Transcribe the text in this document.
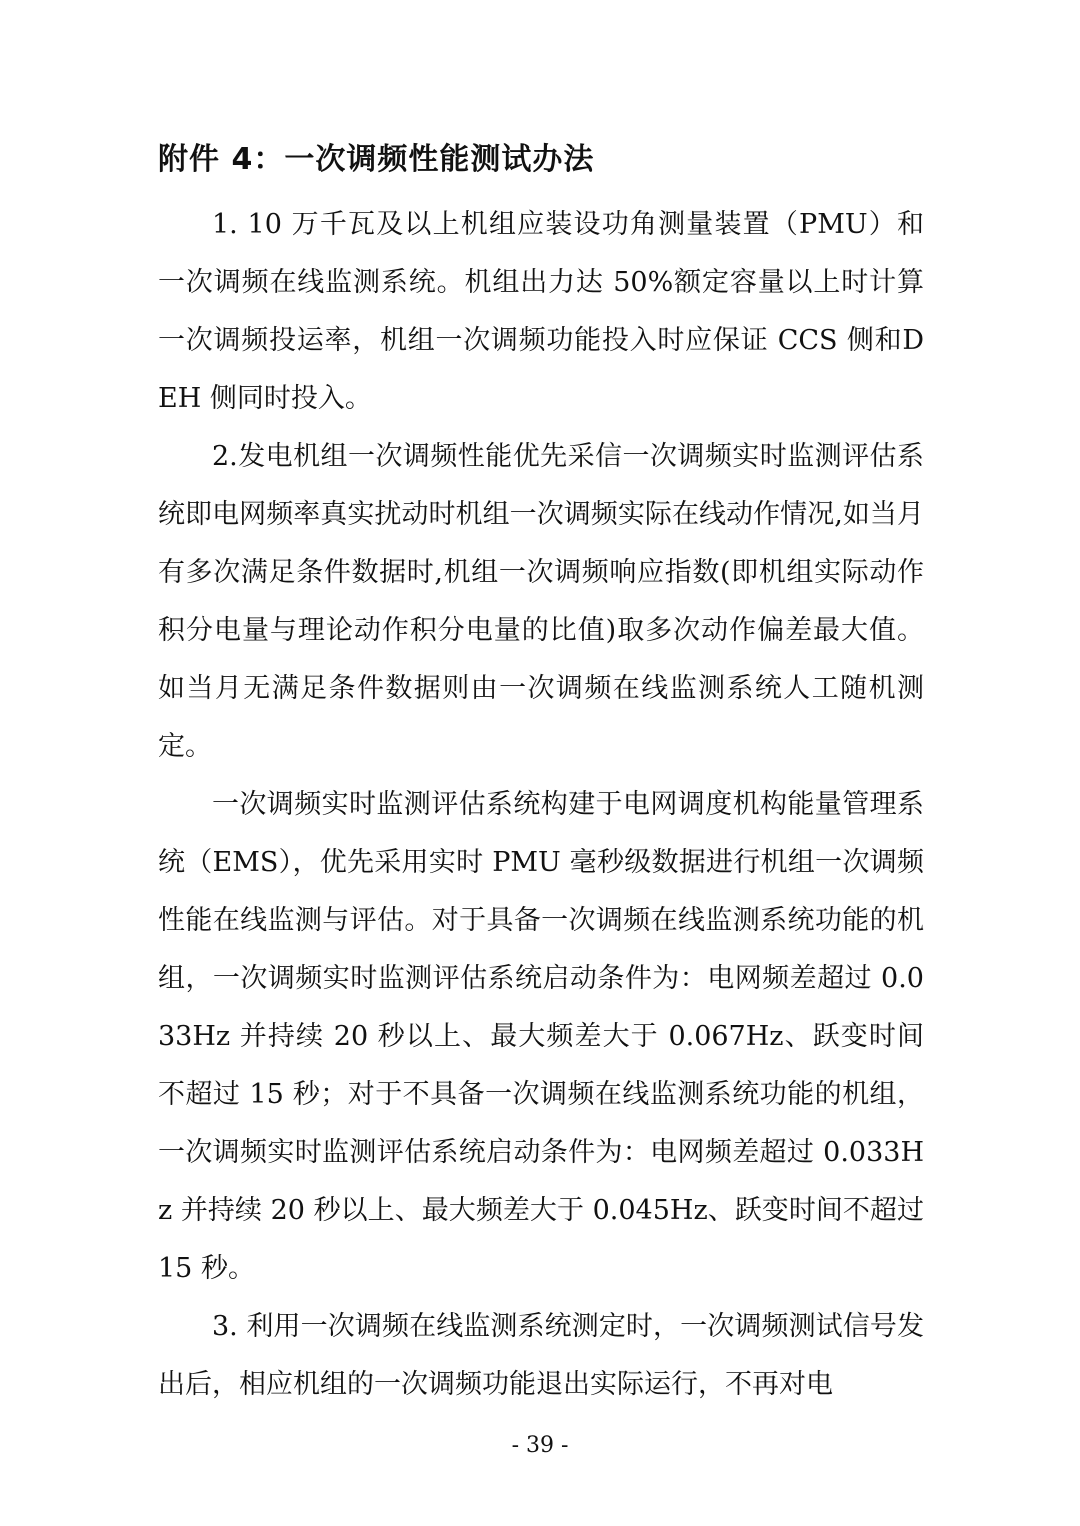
附件 4：一次调频性能测试办法

1. 10 万千瓦及以上机组应装设功角测量装置（PMU）和一次调频在线监测系统。机组出力达 50%额定容量以上时计算一次调频投运率，机组一次调频功能投入时应保证 CCS 侧和DEH 侧同时投入。

2.发电机组一次调频性能优先采信一次调频实时监测评估系统即电网频率真实扰动时机组一次调频实际在线动作情况,如当月有多次满足条件数据时,机组一次调频响应指数(即机组实际动作积分电量与理论动作积分电量的比值)取多次动作偏差最大值。如当月无满足条件数据则由一次调频在线监测系统人工随机测定。

一次调频实时监测评估系统构建于电网调度机构能量管理系统（EMS），优先采用实时 PMU 毫秒级数据进行机组一次调频性能在线监测与评估。对于具备一次调频在线监测系统功能的机组，一次调频实时监测评估系统启动条件为：电网频差超过 0.033Hz 并持续 20 秒以上、最大频差大于 0.067Hz、跃变时间不超过 15 秒；对于不具备一次调频在线监测系统功能的机组，一次调频实时监测评估系统启动条件为：电网频差超过 0.033Hz 并持续 20 秒以上、最大频差大于 0.045Hz、跃变时间不超过 15 秒。

3. 利用一次调频在线监测系统测定时，一次调频测试信号发出后，相应机组的一次调频功能退出实际运行，不再对电

- 39 -
